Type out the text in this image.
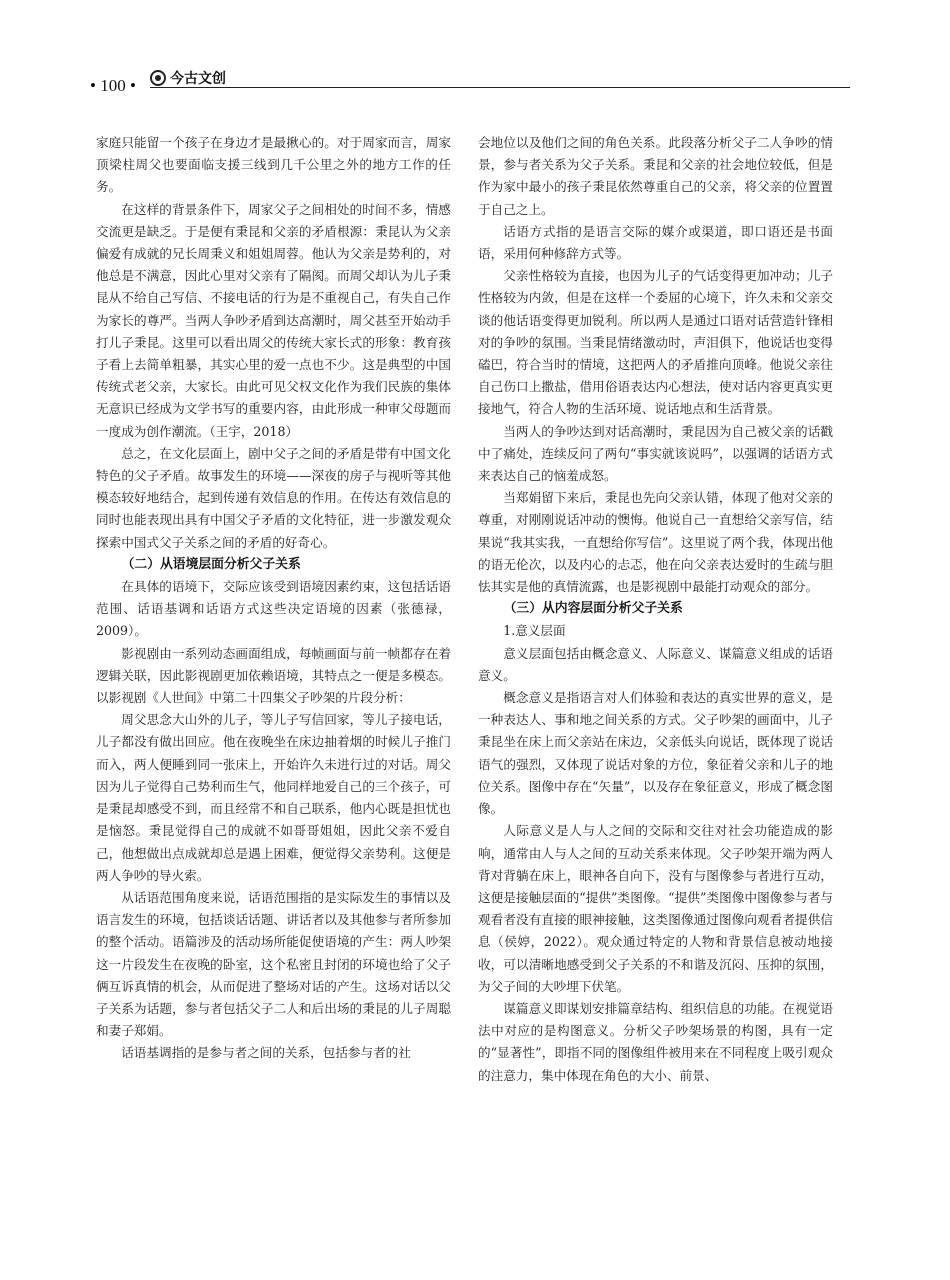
• 100 • 今古文创

家庭只能留一个孩子在身边才是最揪心的。对于周家而言，周家顶梁柱周父也要面临支援三线到几千公里之外的地方工作的任务。

在这样的背景条件下，周家父子之间相处的时间不多，情感交流更是缺乏。于是便有秉昆和父亲的矛盾根源：秉昆认为父亲偏爱有成就的兄长周秉义和姐姐周蓉。他认为父亲是势利的，对他总是不满意，因此心里对父亲有了隔阂。而周父却认为儿子秉昆从不给自己写信、不接电话的行为是不重视自己，有失自己作为家长的尊严。当两人争吵矛盾到达高潮时，周父甚至开始动手打儿子秉昆。这里可以看出周父的传统大家长式的形象：教育孩子看上去简单粗暴，其实心里的爱一点也不少。这是典型的中国传统式老父亲，大家长。由此可见父权文化作为我们民族的集体无意识已经成为文学书写的重要内容，由此形成一种审父母题而一度成为创作潮流。（王宇，2018）

总之，在文化层面上，剧中父子之间的矛盾是带有中国文化特色的父子矛盾。故事发生的环境——深夜的房子与视听等其他模态较好地结合，起到传递有效信息的作用。在传达有效信息的同时也能表现出具有中国父子矛盾的文化特征，进一步激发观众探索中国式父子关系之间的矛盾的好奇心。

（二）从语境层面分析父子关系

在具体的语境下，交际应该受到语境因素约束，这包括话语范围、话语基调和话语方式这些决定语境的因素（张德禄，2009）。

影视剧由一系列动态画面组成，每帧画面与前一帧都存在着逻辑关联，因此影视剧更加依赖语境，其特点之一便是多模态。以影视剧《人世间》中第二十四集父子吵架的片段分析：

周父思念大山外的儿子，等儿子写信回家，等儿子接电话，儿子都没有做出回应。他在夜晚坐在床边抽着烟的时候儿子推门而入，两人便睡到同一张床上，开始许久未进行过的对话。周父因为儿子觉得自己势利而生气，他同样地爱自己的三个孩子，可是秉昆却感受不到，而且经常不和自己联系，他内心既是担忧也是恼怒。秉昆觉得自己的成就不如哥哥姐姐，因此父亲不爱自己，他想做出点成就却总是遇上困难，便觉得父亲势利。这便是两人争吵的导火索。

从话语范围角度来说，话语范围指的是实际发生的事情以及语言发生的环境，包括谈话话题、讲话者以及其他参与者所参加的整个活动。语篇涉及的活动场所能促使语境的产生：两人吵架这一片段发生在夜晚的卧室，这个私密且封闭的环境也给了父子俩互诉真情的机会，从而促进了整场对话的产生。这场对话以父子关系为话题，参与者包括父子二人和后出场的秉昆的儿子周聪和妻子郑娟。

话语基调指的是参与者之间的关系，包括参与者的社

会地位以及他们之间的角色关系。此段落分析父子二人争吵的情景，参与者关系为父子关系。秉昆和父亲的社会地位较低，但是作为家中最小的孩子秉昆依然尊重自己的父亲，将父亲的位置置于自己之上。

话语方式指的是语言交际的媒介或渠道，即口语还是书面语，采用何种修辞方式等。

父亲性格较为直接，也因为儿子的气话变得更加冲动；儿子性格较为内敛，但是在这样一个委屈的心境下，许久未和父亲交谈的他话语变得更加锐利。所以两人是通过口语对话营造针锋相对的争吵的氛围。当秉昆情绪激动时，声泪俱下，他说话也变得磕巴，符合当时的情境，这把两人的矛盾推向顶峰。他说父亲往自己伤口上撒盐，借用俗语表达内心想法，使对话内容更真实更接地气，符合人物的生活环境、说话地点和生活背景。

当两人的争吵达到对话高潮时，秉昆因为自己被父亲的话戳中了痛处，连续反问了两句“事实就该说吗”，以强调的话语方式来表达自己的恼羞成怒。

当郑娟留下来后，秉昆也先向父亲认错，体现了他对父亲的尊重，对刚刚说话冲动的懊悔。他说自己一直想给父亲写信，结果说“我其实我，一直想给你写信”。这里说了两个我，体现出他的语无伦次，以及内心的忐忑，他在向父亲表达爱时的生疏与胆怯其实是他的真情流露，也是影视剧中最能打动观众的部分。

（三）从内容层面分析父子关系
1.意义层面

意义层面包括由概念意义、人际意义、谋篇意义组成的话语意义。

概念意义是指语言对人们体验和表达的真实世界的意义，是一种表达人、事和地之间关系的方式。父子吵架的画面中，儿子秉昆坐在床上而父亲站在床边，父亲低头向说话，既体现了说话语气的强烈，又体现了说话对象的方位，象征着父亲和儿子的地位关系。图像中存在“矢量”，以及存在象征意义，形成了概念图像。

人际意义是人与人之间的交际和交往对社会功能造成的影响，通常由人与人之间的互动关系来体现。父子吵架开端为两人背对背躺在床上，眼神各自向下，没有与图像参与者进行互动，这便是接触层面的“提供”类图像。“提供”类图像中图像参与者与观看者没有直接的眼神接触，这类图像通过图像向观看者提供信息（侯婷，2022）。观众通过特定的人物和背景信息被动地接收，可以清晰地感受到父子关系的不和谐及沉闷、压抑的氛围，为父子间的大吵埋下伏笔。

谋篇意义即谋划安排篇章结构、组织信息的功能。在视觉语法中对应的是构图意义。分析父子吵架场景的构图，具有一定的“显著性”，即指不同的图像组件被用来在不同程度上吸引观众的注意力，集中体现在角色的大小、前景、
